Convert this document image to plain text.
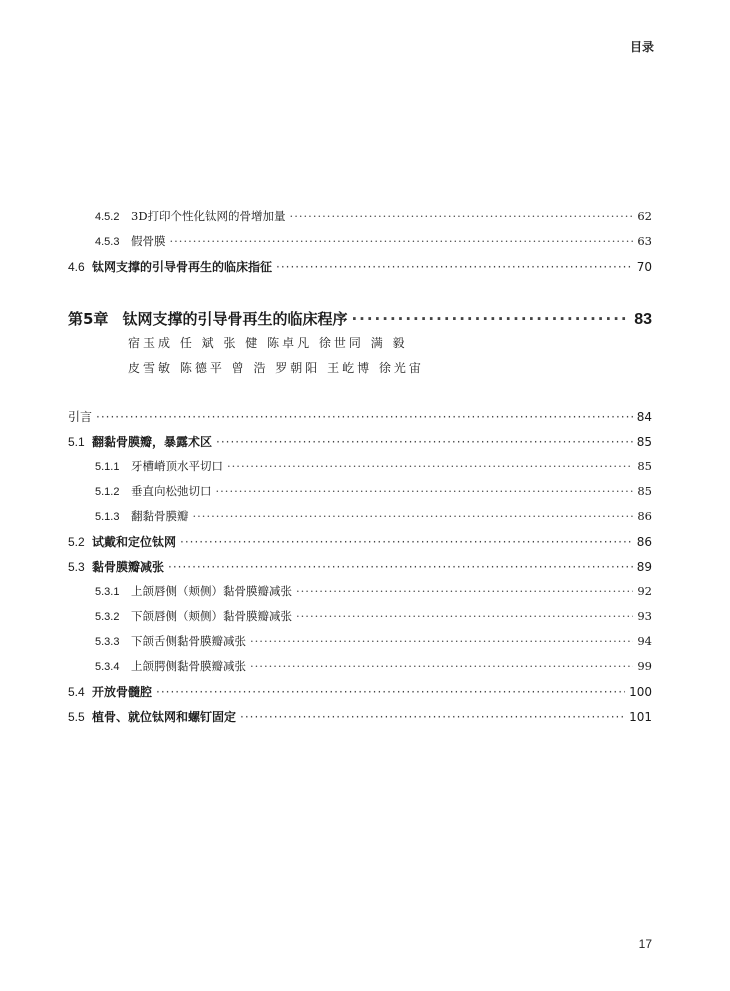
目录
4.5.2	3D打印个性化钛网的骨增加量 ·····	62
4.5.3	假骨膜 ·····	63
4.6 钛网支撑的引导骨再生的临床指征 ·····	70
第5章 钛网支撑的引导骨再生的临床程序 ·····	83
宿玉成 任 斌 张 健 陈卓凡 徐世同 满 毅
皮雪敏 陈德平 曾 浩 罗朝阳 王屹博 徐光宙
引言 ·····	84
5.1 翻黏骨膜瓣，暴露术区 ·····	85
5.1.1	牙槽嵴顶水平切口 ·····	85
5.1.2	垂直向松弛切口 ·····	85
5.1.3	翻黏骨膜瓣 ·····	86
5.2 试戴和定位钛网 ·····	86
5.3 黏骨膜瓣减张 ·····	89
5.3.1	上颌唇侧（颊侧）黏骨膜瓣减张 ·····	92
5.3.2	下颌唇侧（颊侧）黏骨膜瓣减张 ·····	93
5.3.3	下颌舌侧黏骨膜瓣减张 ·····	94
5.3.4	上颌腭侧黏骨膜瓣减张 ·····	99
5.4 开放骨髓腔 ·····	100
5.5 植骨、就位钛网和螺钉固定 ·····	101
17
